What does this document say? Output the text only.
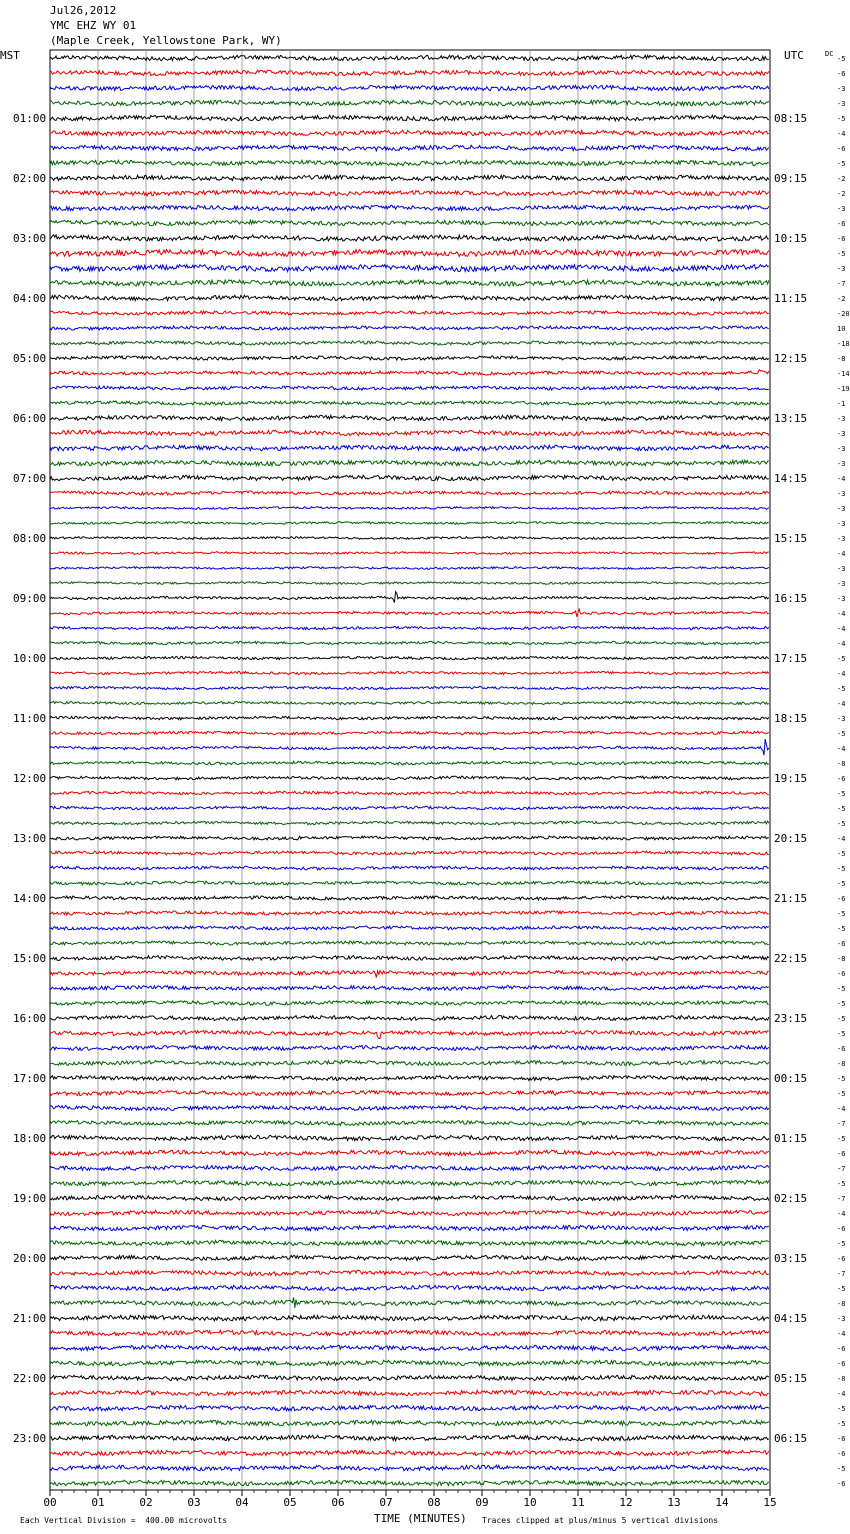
Jul26,2012
YMC EHZ WY 01
(Maple Creek, Yellowstone Park, WY)
MST	UTC
00	01	02	03	04	05	06	07	08	09	10	11	12	13	14	15
-5
-6
-3
-3
-5
01:00	08:15
-4
-6
-5
-2
02:00	09:15
-2
-3
-6
-6
03:00	10:15
-5
-3
-7
-2
04:00	11:15
-20
10
-18
-8
05:00	12:15
-14
-19
-1
-3
06:00	13:15
-3
-3
-3
-4
07:00	14:15
-3
-3
-3
-3
08:00	15:15
-4
-3
-3
-3
09:00	16:15
-4
-4
-4
-5
10:00	17:15
-4
-5
-4
-3
11:00	18:15
-5
-4
-8
-6
12:00	19:15
-5
-5
-5
-4
13:00	20:15
-5
-5
-5
-6
14:00	21:15
-5
-5
-6
-8
15:00	22:15
-6
-5
-5
-5
16:00	23:15
-5
-6
-8
-5
17:00	00:15
-5
-4
-7
-5
18:00	01:15
-6
-7
-5
-7
19:00	02:15
-4
-6
-5
-6
20:00	03:15
-7
-5
-8
-3
21:00	04:15
-4
-6
-6
-8
22:00	05:15
-4
-5
-5
-6
23:00	06:15
-6
-5
-6
DC
Each Vertical Division =  400.00 microvolts	TIME (MINUTES) Traces clipped at plus/minus 5 vertical divisions
